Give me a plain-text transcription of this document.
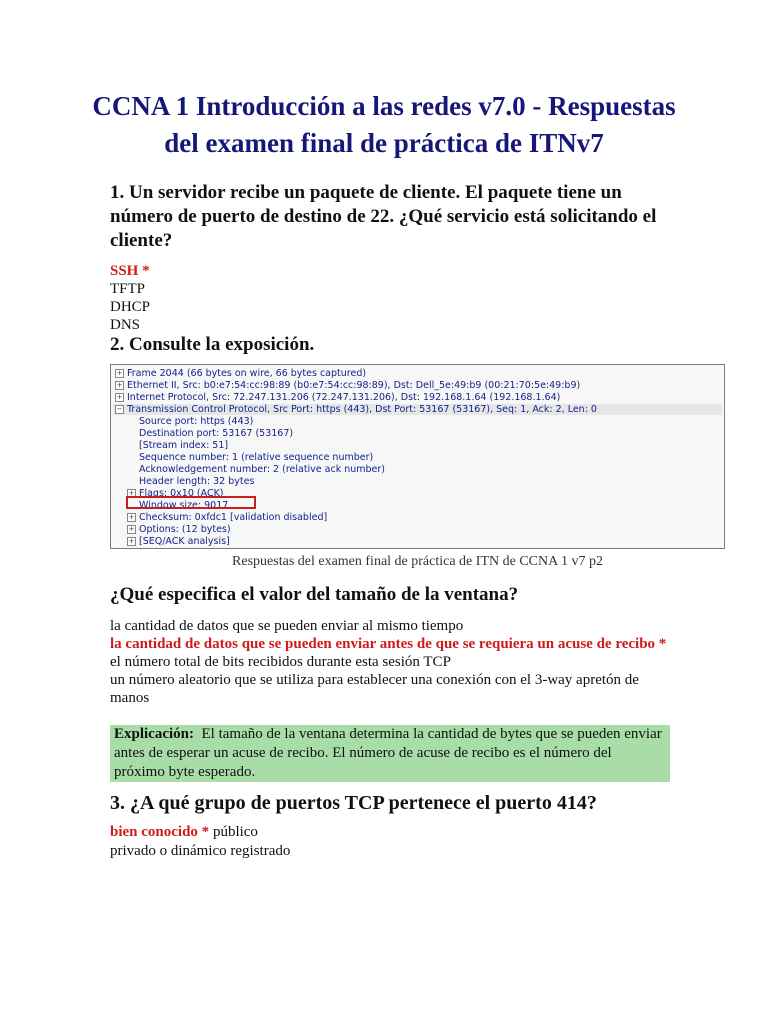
CCNA 1 Introducción a las redes v7.0 - Respuestas del examen final de práctica de ITNv7

1. Un servidor recibe un paquete de cliente. El paquete tiene un número de puerto de destino de 22. ¿Qué servicio está solicitando el cliente?

SSH *
TFTP
DHCP
DNS

2. Consulte la exposición.

+ Frame 2044 (66 bytes on wire, 66 bytes captured)
+ Ethernet II, Src: b0:e7:54:cc:98:89 (b0:e7:54:cc:98:89), Dst: Dell_5e:49:b9 (00:21:70:5e:49:b9)
+ Internet Protocol, Src: 72.247.131.206 (72.247.131.206), Dst: 192.168.1.64 (192.168.1.64)
− Transmission Control Protocol, Src Port: https (443), Dst Port: 53167 (53167), Seq: 1, Ack: 2, Len: 0
Source port: https (443)
Destination port: 53167 (53167)
[Stream index: 51]
Sequence number: 1 (relative sequence number)
Acknowledgement number: 2 (relative ack number)
Header length: 32 bytes
+ Flags: 0x10 (ACK)
Window size: 9017
+ Checksum: 0xfdc1 [validation disabled]
+ Options: (12 bytes)
+ [SEQ/ACK analysis]

Respuestas del examen final de práctica de ITN de CCNA 1 v7 p2

¿Qué especifica el valor del tamaño de la ventana?

la cantidad de datos que se pueden enviar al mismo tiempo
la cantidad de datos que se pueden enviar antes de que se requiera un acuse de recibo *
el número total de bits recibidos durante esta sesión TCP
un número aleatorio que se utiliza para establecer una conexión con el 3-way apretón de manos
Explicación: El tamaño de la ventana determina la cantidad de bytes que se pueden enviar antes de esperar un acuse de recibo. El número de acuse de recibo es el número del próximo byte esperado.

3. ¿A qué grupo de puertos TCP pertenece el puerto 414?

bien conocido * público
privado o dinámico registrado
